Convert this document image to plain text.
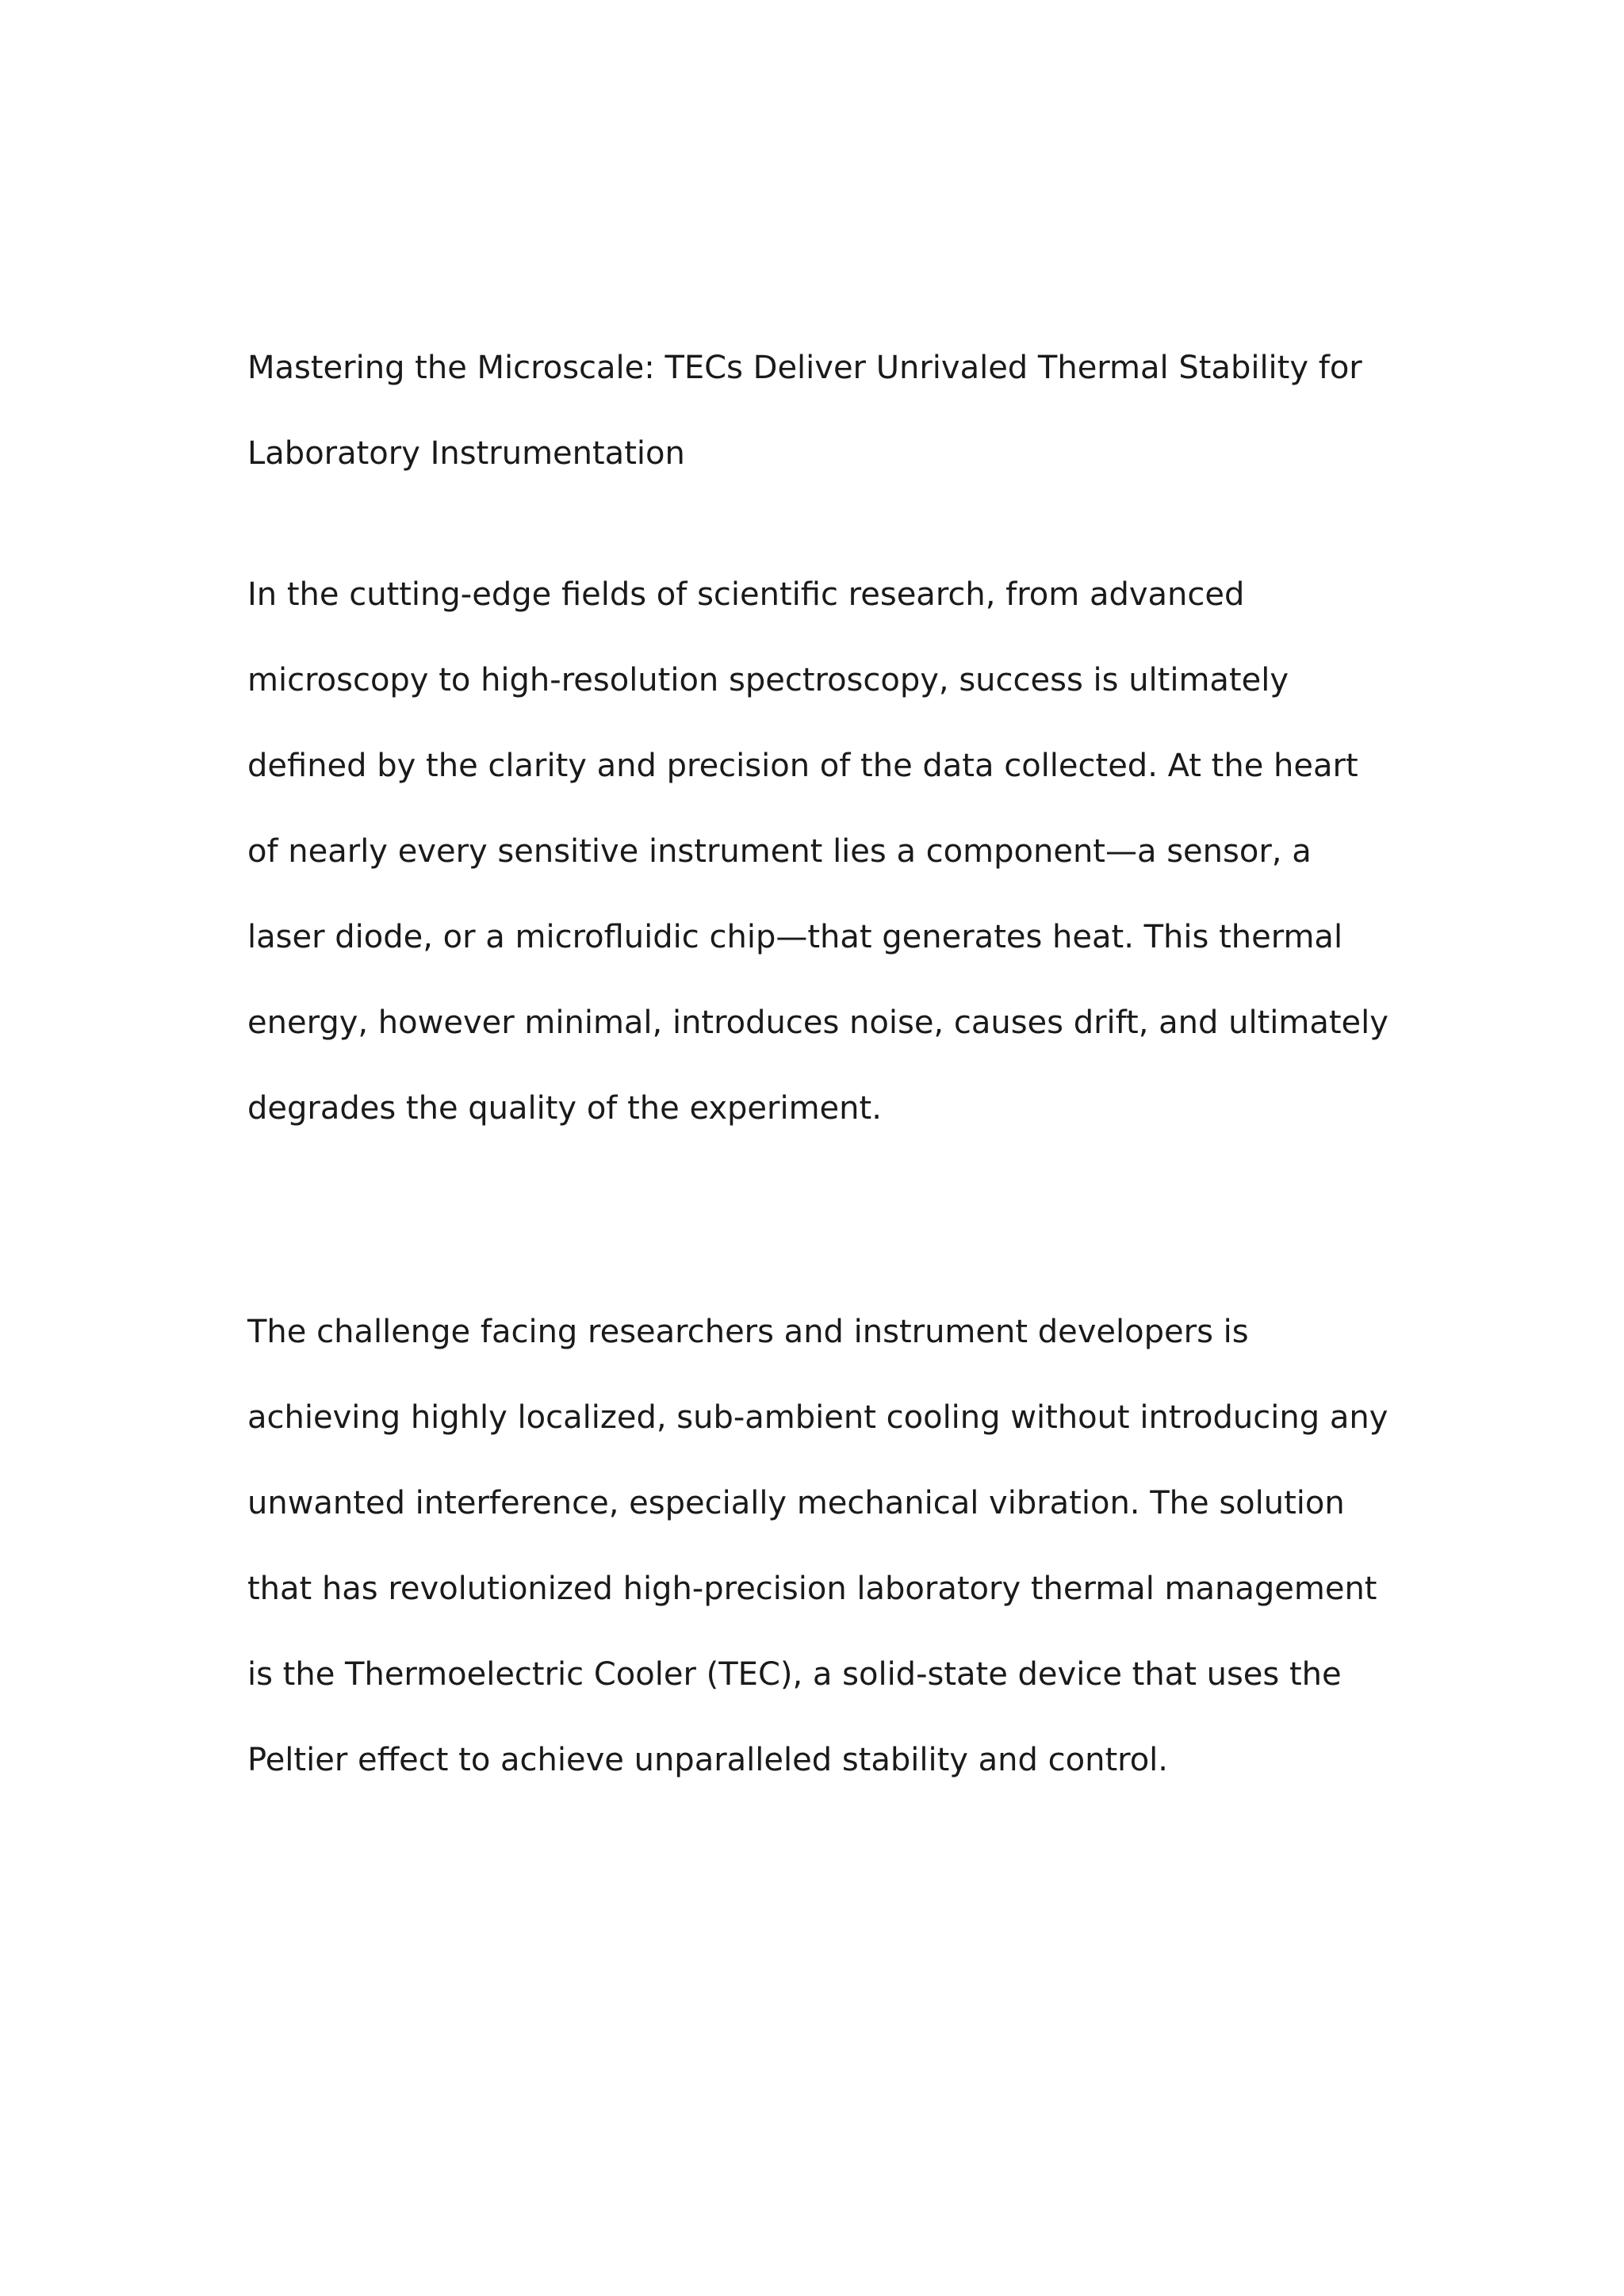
Mastering the Microscale: TECs Deliver Unrivaled Thermal Stability for Laboratory Instrumentation

In the cutting-edge fields of scientific research, from advanced microscopy to high-resolution spectroscopy, success is ultimately defined by the clarity and precision of the data collected. At the heart of nearly every sensitive instrument lies a component—a sensor, a laser diode, or a microfluidic chip—that generates heat. This thermal energy, however minimal, introduces noise, causes drift, and ultimately degrades the quality of the experiment.

The challenge facing researchers and instrument developers is achieving highly localized, sub-ambient cooling without introducing any unwanted interference, especially mechanical vibration. The solution that has revolutionized high-precision laboratory thermal management is the Thermoelectric Cooler (TEC), a solid-state device that uses the Peltier effect to achieve unparalleled stability and control.
